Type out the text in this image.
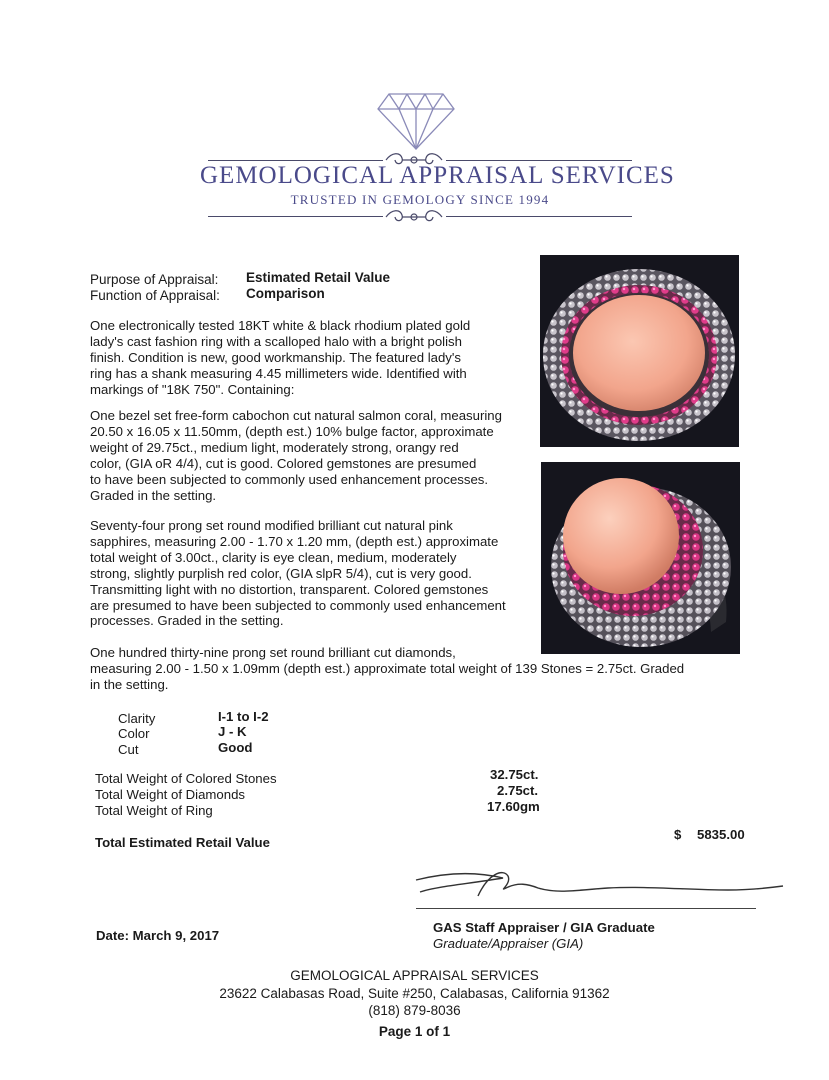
GEMOLOGICAL APPRAISAL SERVICES
TRUSTED IN GEMOLOGY SINCE 1994
Purpose of Appraisal: Estimated Retail Value
Function of Appraisal: Comparison
One electronically tested 18KT white & black rhodium plated gold
lady's cast fashion ring with a scalloped halo with a bright polish
finish. Condition is new, good workmanship. The featured lady's
ring has a shank measuring 4.45 millimeters wide. Identified with
markings of "18K 750". Containing:
One bezel set free-form cabochon cut natural salmon coral, measuring
20.50 x 16.05 x 11.50mm, (depth est.) 10% bulge factor, approximate
weight of 29.75ct., medium light, moderately strong, orangy red
color, (GIA oR 4/4), cut is good. Colored gemstones are presumed
to have been subjected to commonly used enhancement processes.
Graded in the setting.
Seventy-four prong set round modified brilliant cut natural pink
sapphires, measuring 2.00 - 1.70 x 1.20 mm, (depth est.) approximate
total weight of 3.00ct., clarity is eye clean, medium, moderately
strong, slightly purplish red color, (GIA slpR 5/4), cut is very good.
Transmitting light with no distortion, transparent. Colored gemstones
are presumed to have been subjected to commonly used enhancement
processes. Graded in the setting.
One hundred thirty-nine prong set round brilliant cut diamonds,
measuring 2.00 - 1.50 x 1.09mm (depth est.) approximate total weight of 139 Stones = 2.75ct. Graded
in the setting.
Clarity	I-1 to I-2
Color	J - K
Cut	Good
Total Weight of Colored Stones	32.75ct.
Total Weight of Diamonds	2.75ct.
Total Weight of Ring	17.60gm
Total Estimated Retail Value
$ 5835.00
Date: March 9, 2017
GAS Staff Appraiser / GIA Graduate
Graduate/Appraiser (GIA)
GEMOLOGICAL APPRAISAL SERVICES
23622 Calabasas Road, Suite #250, Calabasas, California 91362
(818) 879-8036
Page 1 of 1
